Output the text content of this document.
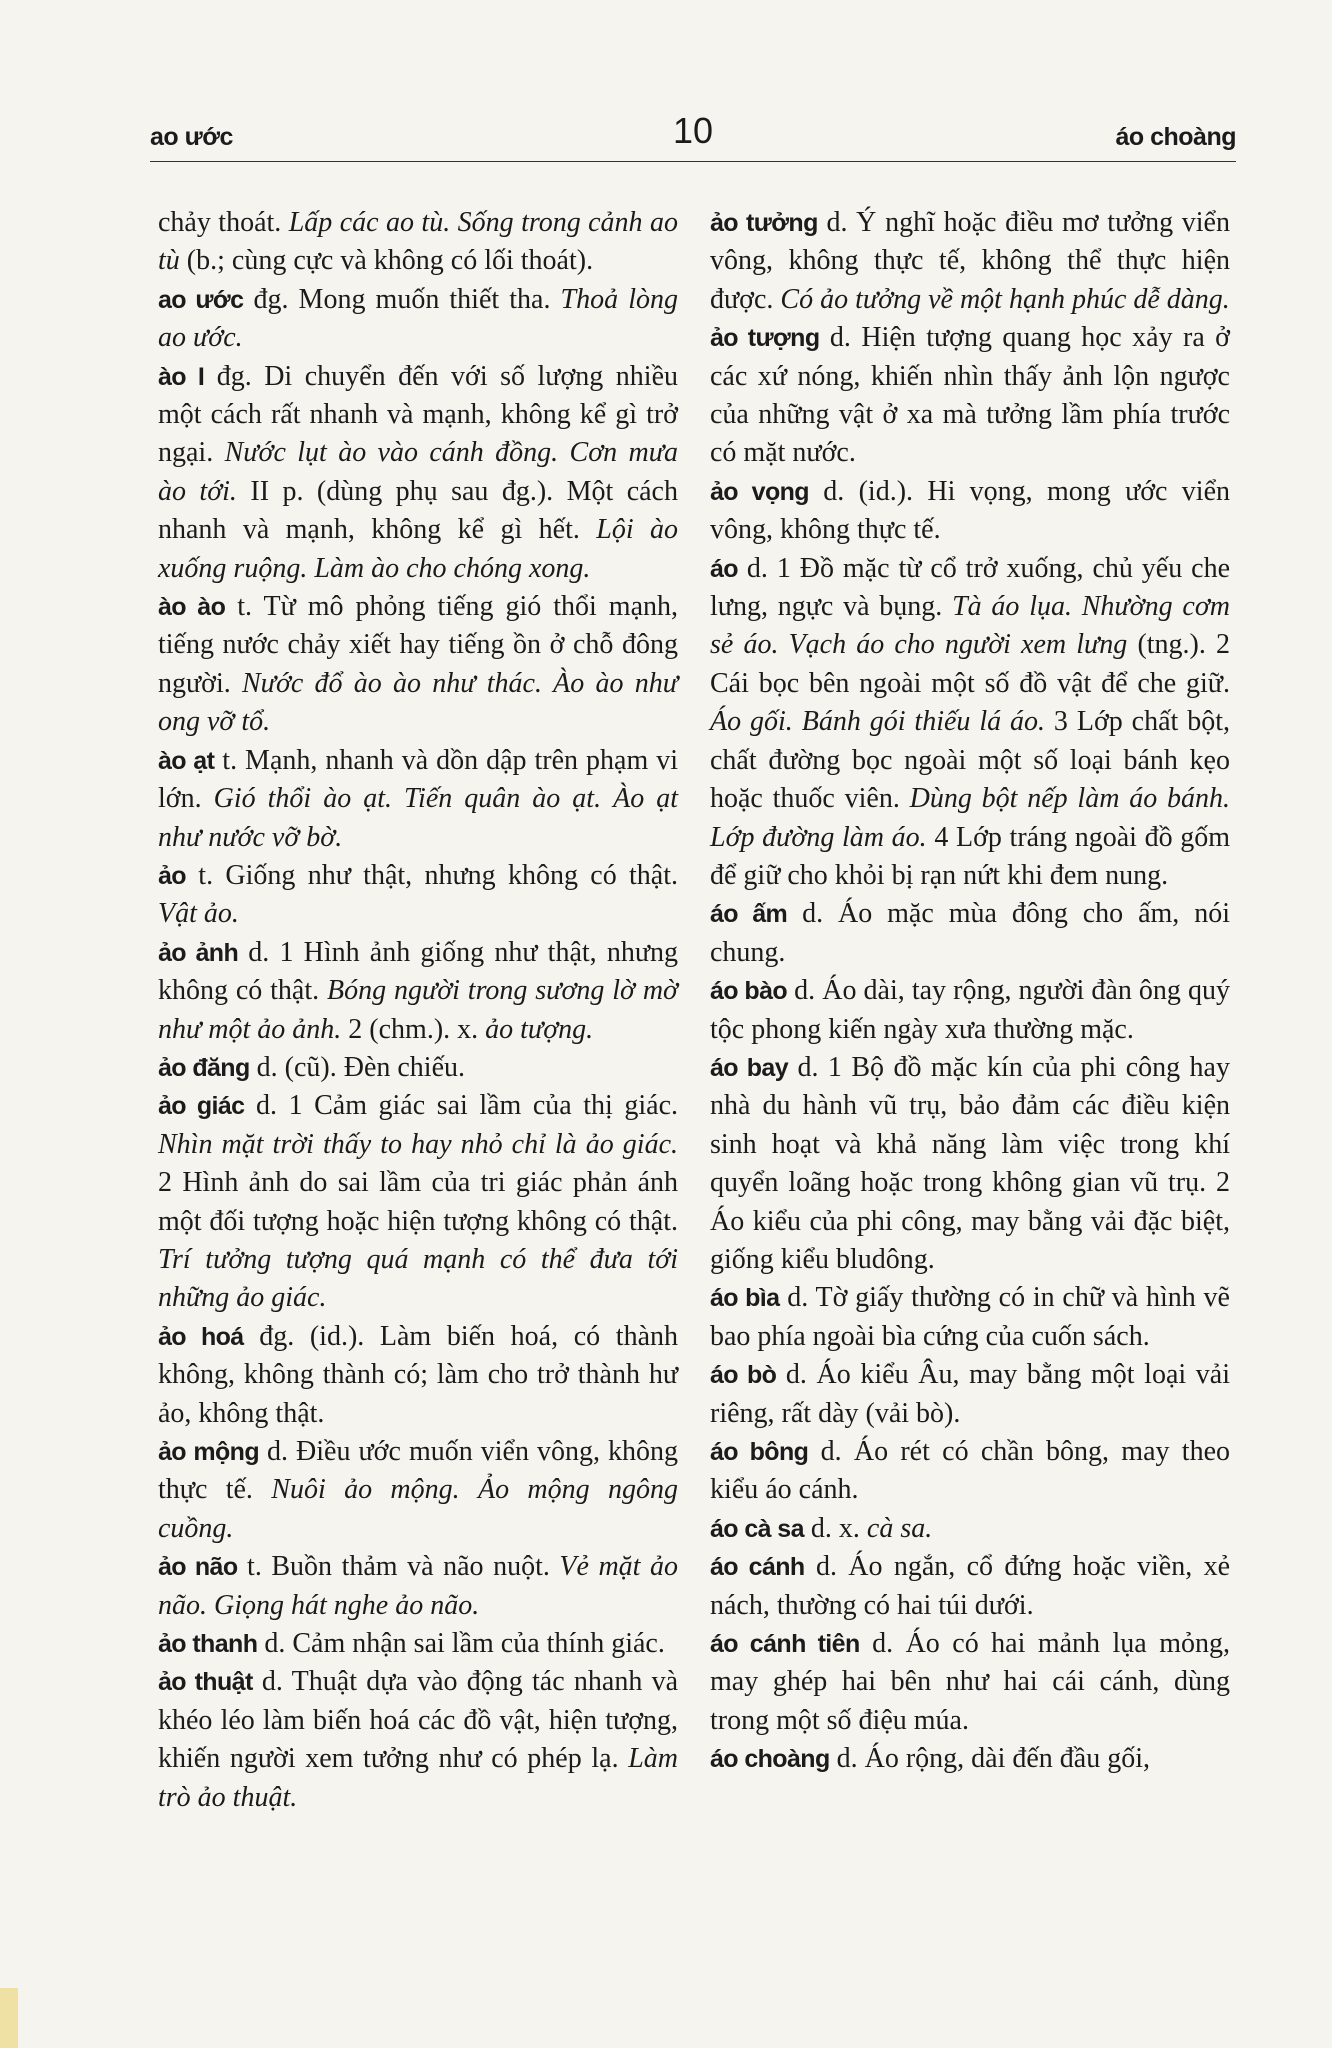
ao ước	10	áo choàng
chảy thoát. Lấp các ao tù. Sống trong cảnh ao tù (b.; cùng cực và không có lối thoát).
ao ước đg. Mong muốn thiết tha. Thoả lòng ao ước.
ào I đg. Di chuyển đến với số lượng nhiều một cách rất nhanh và mạnh, không kể gì trở ngại. Nước lụt ào vào cánh đồng. Cơn mưa ào tới. II p. (dùng phụ sau đg.). Một cách nhanh và mạnh, không kể gì hết. Lội ào xuống ruộng. Làm ào cho chóng xong.
ào ào t. Từ mô phỏng tiếng gió thổi mạnh, tiếng nước chảy xiết hay tiếng ồn ở chỗ đông người. Nước đổ ào ào như thác. Ào ào như ong vỡ tổ.
ào ạt t. Mạnh, nhanh và dồn dập trên phạm vi lớn. Gió thổi ào ạt. Tiến quân ào ạt. Ào ạt như nước vỡ bờ.
ảo t. Giống như thật, nhưng không có thật. Vật ảo.
ảo ảnh d. 1 Hình ảnh giống như thật, nhưng không có thật. Bóng người trong sương lờ mờ như một ảo ảnh. 2 (chm.). x. ảo tượng.
ảo đăng d. (cũ). Đèn chiếu.
ảo giác d. 1 Cảm giác sai lầm của thị giác. Nhìn mặt trời thấy to hay nhỏ chỉ là ảo giác. 2 Hình ảnh do sai lầm của tri giác phản ánh một đối tượng hoặc hiện tượng không có thật. Trí tưởng tượng quá mạnh có thể đưa tới những ảo giác.
ảo hoá đg. (id.). Làm biến hoá, có thành không, không thành có; làm cho trở thành hư ảo, không thật.
ảo mộng d. Điều ước muốn viển vông, không thực tế. Nuôi ảo mộng. Ảo mộng ngông cuồng.
ảo não t. Buồn thảm và não nuột. Vẻ mặt ảo não. Giọng hát nghe ảo não.
ảo thanh d. Cảm nhận sai lầm của thính giác.
ảo thuật d. Thuật dựa vào động tác nhanh và khéo léo làm biến hoá các đồ vật, hiện tượng, khiến người xem tưởng như có phép lạ. Làm trò ảo thuật.
ảo tưởng d. Ý nghĩ hoặc điều mơ tưởng viển vông, không thực tế, không thể thực hiện được. Có ảo tưởng về một hạnh phúc dễ dàng.
ảo tượng d. Hiện tượng quang học xảy ra ở các xứ nóng, khiến nhìn thấy ảnh lộn ngược của những vật ở xa mà tưởng lầm phía trước có mặt nước.
ảo vọng d. (id.). Hi vọng, mong ước viển vông, không thực tế.
áo d. 1 Đồ mặc từ cổ trở xuống, chủ yếu che lưng, ngực và bụng. Tà áo lụa. Nhường cơm sẻ áo. Vạch áo cho người xem lưng (tng.). 2 Cái bọc bên ngoài một số đồ vật để che giữ. Áo gối. Bánh gói thiếu lá áo. 3 Lớp chất bột, chất đường bọc ngoài một số loại bánh kẹo hoặc thuốc viên. Dùng bột nếp làm áo bánh. Lớp đường làm áo. 4 Lớp tráng ngoài đồ gốm để giữ cho khỏi bị rạn nứt khi đem nung.
áo ấm d. Áo mặc mùa đông cho ấm, nói chung.
áo bào d. Áo dài, tay rộng, người đàn ông quý tộc phong kiến ngày xưa thường mặc.
áo bay d. 1 Bộ đồ mặc kín của phi công hay nhà du hành vũ trụ, bảo đảm các điều kiện sinh hoạt và khả năng làm việc trong khí quyển loãng hoặc trong không gian vũ trụ. 2 Áo kiểu của phi công, may bằng vải đặc biệt, giống kiểu bludông.
áo bìa d. Tờ giấy thường có in chữ và hình vẽ bao phía ngoài bìa cứng của cuốn sách.
áo bò d. Áo kiểu Âu, may bằng một loại vải riêng, rất dày (vải bò).
áo bông d. Áo rét có chần bông, may theo kiểu áo cánh.
áo cà sa d. x. cà sa.
áo cánh d. Áo ngắn, cổ đứng hoặc viền, xẻ nách, thường có hai túi dưới.
áo cánh tiên d. Áo có hai mảnh lụa mỏng, may ghép hai bên như hai cái cánh, dùng trong một số điệu múa.
áo choàng d. Áo rộng, dài đến đầu gối,
